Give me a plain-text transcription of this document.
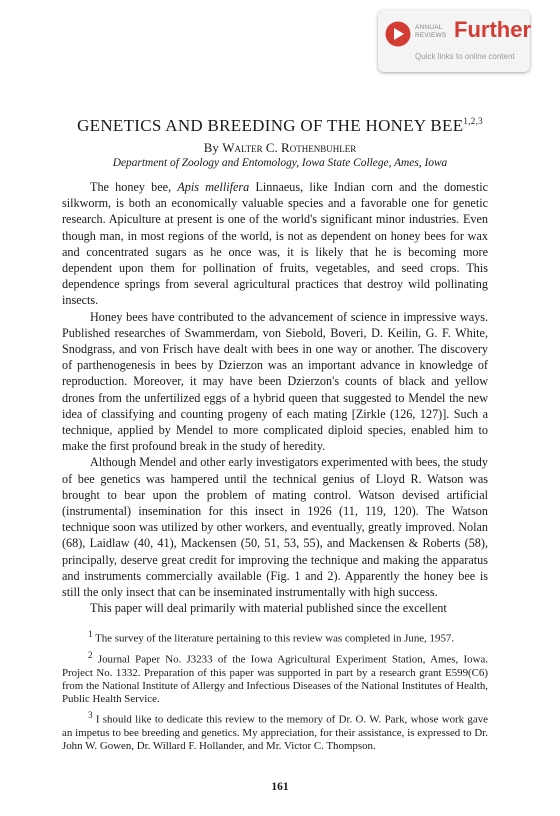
ANNUAL
REVIEWS Further
Quick links to online content
GENETICS AND BREEDING OF THE HONEY BEE$^{1,2,3}$
By Walter C. Rothenbuhler
Department of Zoology and Entomology, Iowa State College, Ames, Iowa

The honey bee, Apis mellifera Linnaeus, like Indian corn and the domestic silkworm, is both an economically valuable species and a favorable one for genetic research. Apiculture at present is one of the world's significant minor industries. Even though man, in most regions of the world, is not as dependent on honey bees for wax and concentrated sugars as he once was, it is likely that he is becoming more dependent upon them for pollination of fruits, vegetables, and seed crops. This dependence springs from several agricultural practices that destroy wild pollinating insects.

Honey bees have contributed to the advancement of science in impressive ways. Published researches of Swammerdam, von Siebold, Boveri, D. Keilin, G. F. White, Snodgrass, and von Frisch have dealt with bees in one way or another. The discovery of parthenogenesis in bees by Dzierzon was an important advance in knowledge of reproduction. Moreover, it may have been Dzierzon's counts of black and yellow drones from the unfertilized eggs of a hybrid queen that suggested to Mendel the new idea of classifying and counting progeny of each mating [Zirkle (126, 127)]. Such a technique, applied by Mendel to more complicated diploid species, enabled him to make the first profound break in the study of heredity.

Although Mendel and other early investigators experimented with bees, the study of bee genetics was hampered until the technical genius of Lloyd R. Watson was brought to bear upon the problem of mating control. Watson devised artificial (instrumental) insemination for this insect in 1926 (11, 119, 120). The Watson technique soon was utilized by other workers, and eventually, greatly improved. Nolan (68), Laidlaw (40, 41), Mackensen (50, 51, 53, 55), and Mackensen & Roberts (58), principally, deserve great credit for improving the technique and making the apparatus and instruments commercially available (Fig. 1 and 2). Apparently the honey bee is still the only insect that can be inseminated instrumentally with high success.

This paper will deal primarily with material published since the excellent

$^1$ The survey of the literature pertaining to this review was completed in June, 1957.

$^2$ Journal Paper No. J3233 of the Iowa Agricultural Experiment Station, Ames, Iowa. Project No. 1332. Preparation of this paper was supported in part by a research grant E599(C6) from the National Institute of Allergy and Infectious Diseases of the National Institutes of Health, Public Health Service.

$^3$ I should like to dedicate this review to the memory of Dr. O. W. Park, whose work gave an impetus to bee breeding and genetics. My appreciation, for their assistance, is expressed to Dr. John W. Gowen, Dr. Willard F. Hollander, and Mr. Victor C. Thompson.

161
